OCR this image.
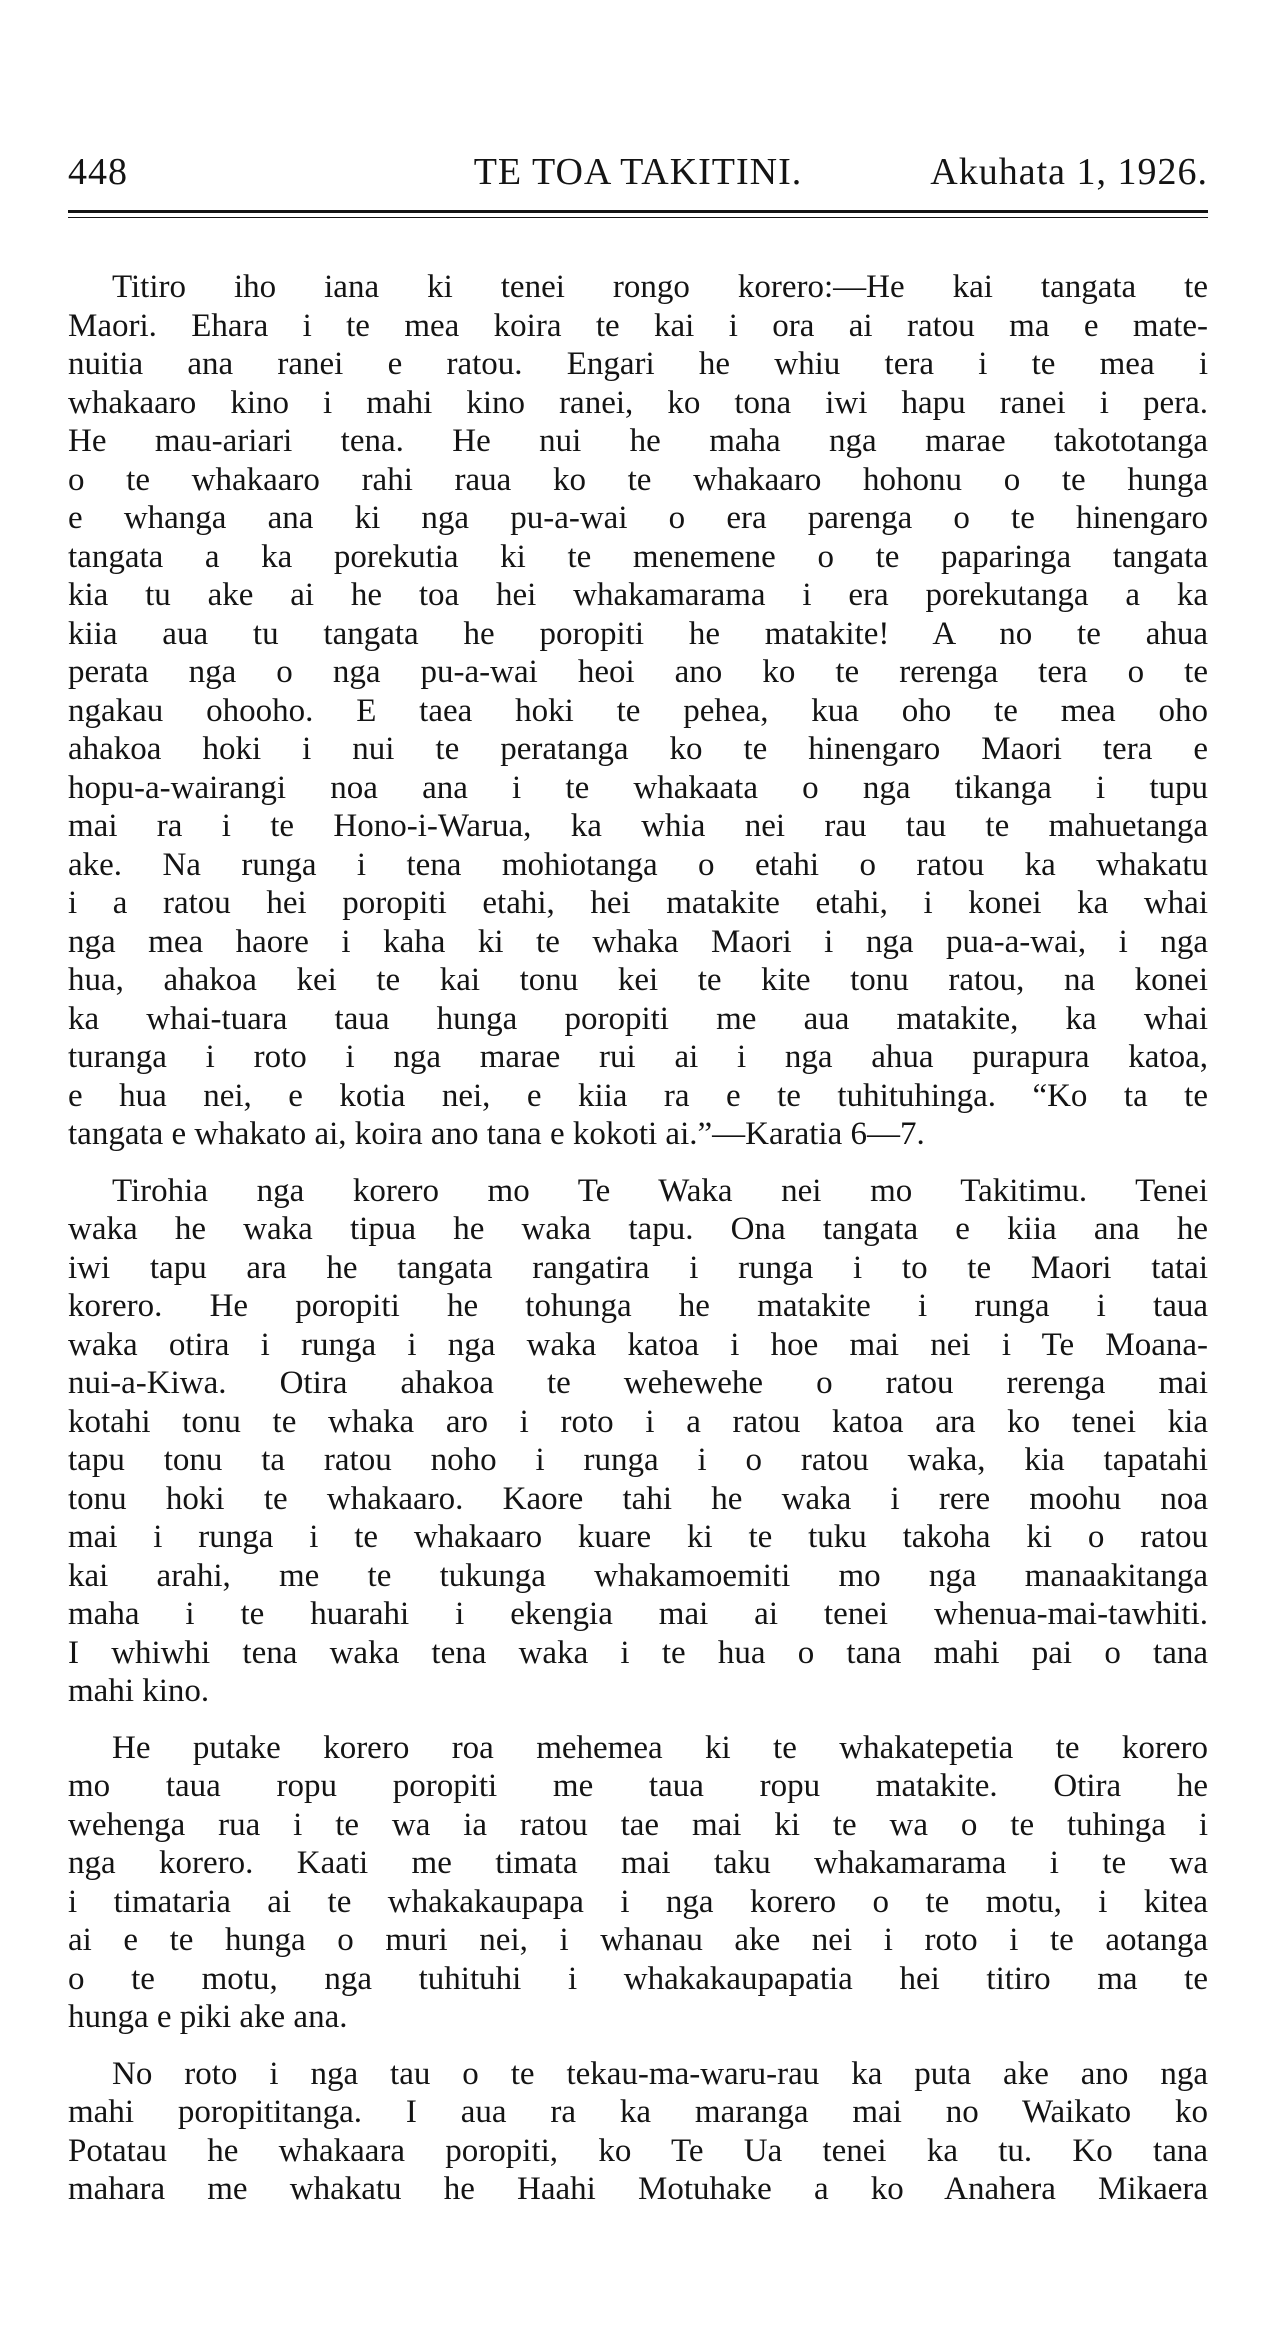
448	TE TOA TAKITINI.	Akuhata 1, 1926.
Titiro iho iana ki tenei rongo korero:—He kai tangata te
Maori. Ehara i te mea koira te kai i ora ai ratou ma e mate-
nuitia ana ranei e ratou. Engari he whiu tera i te mea i
whakaaro kino i mahi kino ranei, ko tona iwi hapu ranei i pera.
He mau-ariari tena. He nui he maha nga marae takototanga
o te whakaaro rahi raua ko te whakaaro hohonu o te hunga
e whanga ana ki nga pu-a-wai o era parenga o te hinengaro
tangata a ka porekutia ki te menemene o te paparinga tangata
kia tu ake ai he toa hei whakamarama i era porekutanga a ka
kiia aua tu tangata he poropiti he matakite! A no te ahua
perata nga o nga pu-a-wai heoi ano ko te rerenga tera o te
ngakau ohooho. E taea hoki te pehea, kua oho te mea oho
ahakoa hoki i nui te peratanga ko te hinengaro Maori tera e
hopu-a-wairangi noa ana i te whakaata o nga tikanga i tupu
mai ra i te Hono-i-Warua, ka whia nei rau tau te mahuetanga
ake. Na runga i tena mohiotanga o etahi o ratou ka whakatu
i a ratou hei poropiti etahi, hei matakite etahi, i konei ka whai
nga mea haore i kaha ki te whaka Maori i nga pua-a-wai, i nga
hua, ahakoa kei te kai tonu kei te kite tonu ratou, na konei
ka whai-tuara taua hunga poropiti me aua matakite, ka whai
turanga i roto i nga marae rui ai i nga ahua purapura katoa,
e hua nei, e kotia nei, e kiia ra e te tuhituhinga. “Ko ta te
tangata e whakato ai, koira ano tana e kokoti ai.”—Karatia 6—7.
Tirohia nga korero mo Te Waka nei mo Takitimu. Tenei
waka he waka tipua he waka tapu. Ona tangata e kiia ana he
iwi tapu ara he tangata rangatira i runga i to te Maori tatai
korero. He poropiti he tohunga he matakite i runga i taua
waka otira i runga i nga waka katoa i hoe mai nei i Te Moana-
nui-a-Kiwa. Otira ahakoa te wehewehe o ratou rerenga mai
kotahi tonu te whaka aro i roto i a ratou katoa ara ko tenei kia
tapu tonu ta ratou noho i runga i o ratou waka, kia tapatahi
tonu hoki te whakaaro. Kaore tahi he waka i rere moohu noa
mai i runga i te whakaaro kuare ki te tuku takoha ki o ratou
kai arahi, me te tukunga whakamoemiti mo nga manaakitanga
maha i te huarahi i ekengia mai ai tenei whenua-mai-tawhiti.
I whiwhi tena waka tena waka i te hua o tana mahi pai o tana
mahi kino.
He putake korero roa mehemea ki te whakatepetia te korero
mo taua ropu poropiti me taua ropu matakite. Otira he
wehenga rua i te wa ia ratou tae mai ki te wa o te tuhinga i
nga korero. Kaati me timata mai taku whakamarama i te wa
i timataria ai te whakakaupapa i nga korero o te motu, i kitea
ai e te hunga o muri nei, i whanau ake nei i roto i te aotanga
o te motu, nga tuhituhi i whakakaupapatia hei titiro ma te
hunga e piki ake ana.
No roto i nga tau o te tekau-ma-waru-rau ka puta ake ano nga
mahi poropititanga. I aua ra ka maranga mai no Waikato ko
Potatau he whakaara poropiti, ko Te Ua tenei ka tu. Ko tana
mahara me whakatu he Haahi Motuhake a ko Anahera Mikaera
